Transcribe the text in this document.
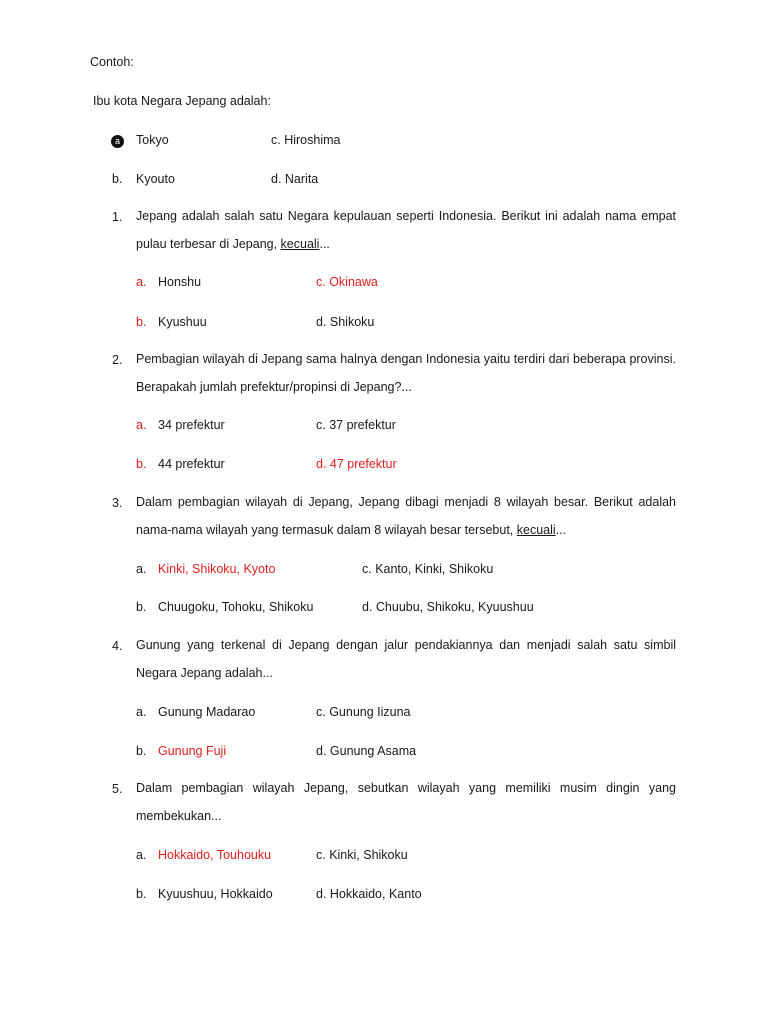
Contoh:
Ibu kota Negara Jepang adalah:
a	Tokyo	c. Hiroshima
b. Kyouto	d. Narita
1. Jepang adalah salah satu Negara kepulauan seperti Indonesia. Berikut ini adalah nama empat
pulau terbesar di Jepang, kecuali...
a. Honshu	c. Okinawa
b. Kyushuu	d. Shikoku
2. Pembagian wilayah di Jepang sama halnya dengan Indonesia yaitu terdiri dari beberapa provinsi.
Berapakah jumlah prefektur/propinsi di Jepang?...
a. 34 prefektur	c. 37 prefektur
b. 44 prefektur	d. 47 prefektur
3. Dalam pembagian wilayah di Jepang, Jepang dibagi menjadi 8 wilayah besar. Berikut adalah
nama-nama wilayah yang termasuk dalam 8 wilayah besar tersebut, kecuali...
a. Kinki, Shikoku, Kyoto	c. Kanto, Kinki, Shikoku
b. Chuugoku, Tohoku, Shikoku	d. Chuubu, Shikoku, Kyuushuu
4. Gunung yang terkenal di Jepang dengan jalur pendakiannya dan menjadi salah satu simbil
Negara Jepang adalah...
a. Gunung Madarao	c. Gunung Iizuna
b. Gunung Fuji	d. Gunung Asama
5. Dalam pembagian wilayah Jepang, sebutkan wilayah yang memiliki musim dingin yang
membekukan...
a. Hokkaido, Touhouku	c. Kinki, Shikoku
b. Kyuushuu, Hokkaido	d. Hokkaido, Kanto
